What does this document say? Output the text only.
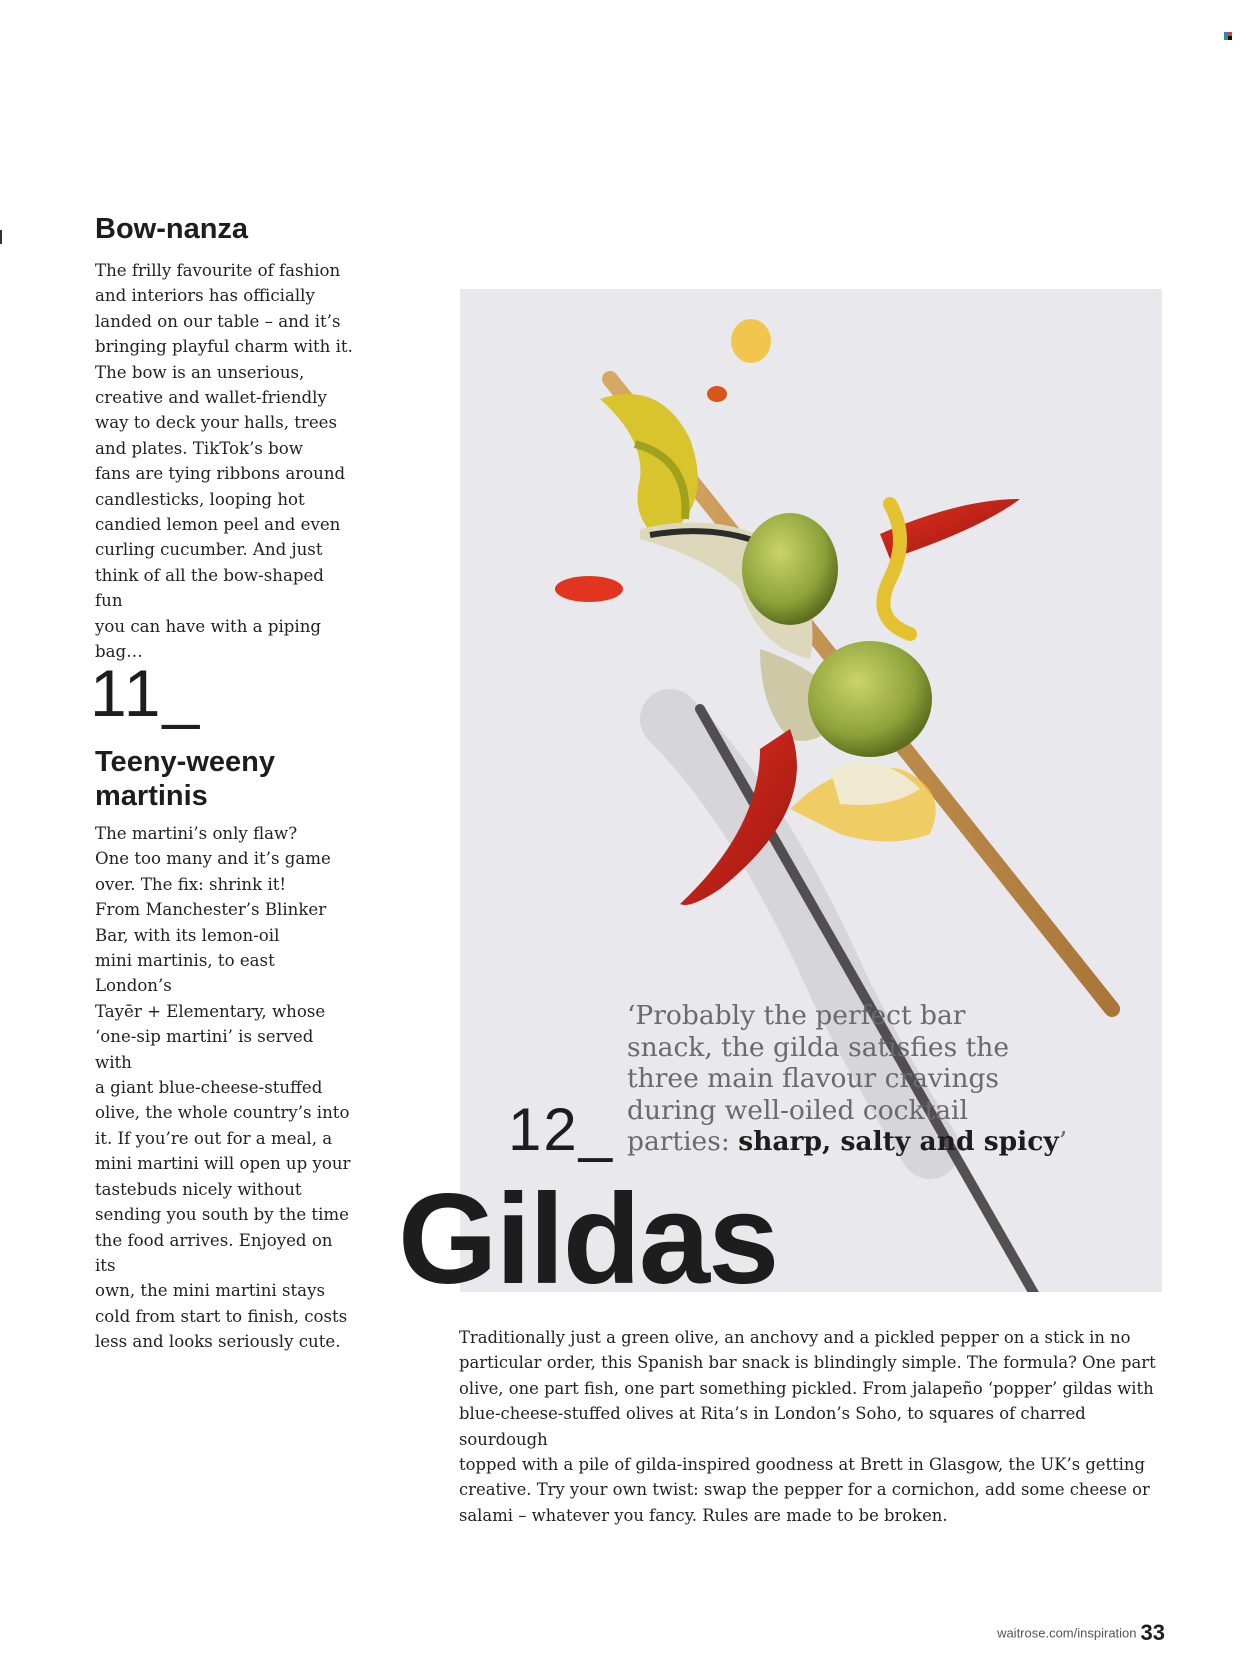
Bow-nanza

The frilly favourite of fashion
and interiors has officially
landed on our table – and it’s
bringing playful charm with it.
The bow is an unserious,
creative and wallet-friendly
way to deck your halls, trees
and plates. TikTok’s bow
fans are tying ribbons around
candlesticks, looping hot
candied lemon peel and even
curling cucumber. And just
think of all the bow-shaped fun
you can have with a piping bag…

11_
Teeny-weeny
martinis

The martini’s only flaw?
One too many and it’s game
over. The fix: shrink it!
From Manchester’s Blinker
Bar, with its lemon-oil
mini martinis, to east London’s
Tayēr + Elementary, whose
‘one-sip martini’ is served with
a giant blue-cheese-stuffed
olive, the whole country’s into
it. If you’re out for a meal, a
mini martini will open up your
tastebuds nicely without
sending you south by the time
the food arrives. Enjoyed on its
own, the mini martini stays
cold from start to finish, costs
less and looks seriously cute.

‘Probably the perfect bar
snack, the gilda satisfies the
three main flavour cravings
during well-oiled cocktail
parties: sharp, salty and spicy’

12_
Gildas

Traditionally just a green olive, an anchovy and a pickled pepper on a stick in no
particular order, this Spanish bar snack is blindingly simple. The formula? One part
olive, one part fish, one part something pickled. From jalapeño ‘popper’ gildas with
blue-cheese-stuffed olives at Rita’s in London’s Soho, to squares of charred sourdough
topped with a pile of gilda-inspired goodness at Brett in Glasgow, the UK’s getting
creative. Try your own twist: swap the pepper for a cornichon, add some cheese or
salami – whatever you fancy. Rules are made to be broken.

waitrose.com/inspiration 33
